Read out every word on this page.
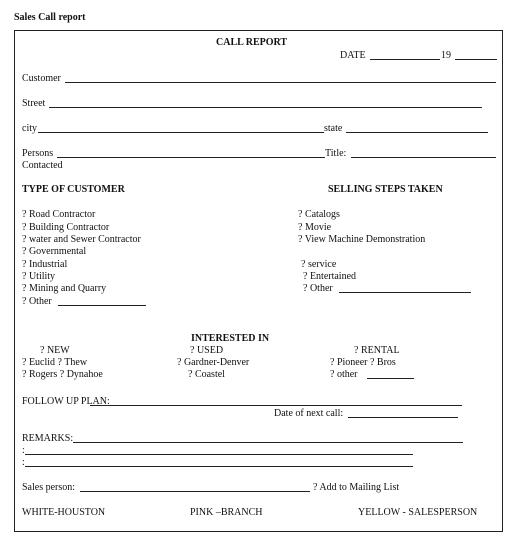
Sales Call report
CALL REPORT
DATE	19
Customer
Street
city	state
Persons	Title:
Contacted
TYPE OF CUSTOMER	SELLING STEPS TAKEN
? Road Contractor
? Building Contractor
? water and Sewer Contractor
? Governmental
? Industrial
? Utility
? Mining and Quarry
? Other
? Catalogs
? Movie
? View Machine Demonstration
? service
? Entertained
? Other
INTERESTED IN
? NEW
? Euclid ? Thew
? Rogers ? Dynahoe
? USED
? Gardner-Denver
? Coastel
? RENTAL
? Pioneer ? Bros
? other
FOLLOW UP PLAN:
Date of next call:
REMARKS:
:
:
Sales person:	? Add to Mailing List
WHITE-HOUSTON	PINK –BRANCH	YELLOW - SALESPERSON
